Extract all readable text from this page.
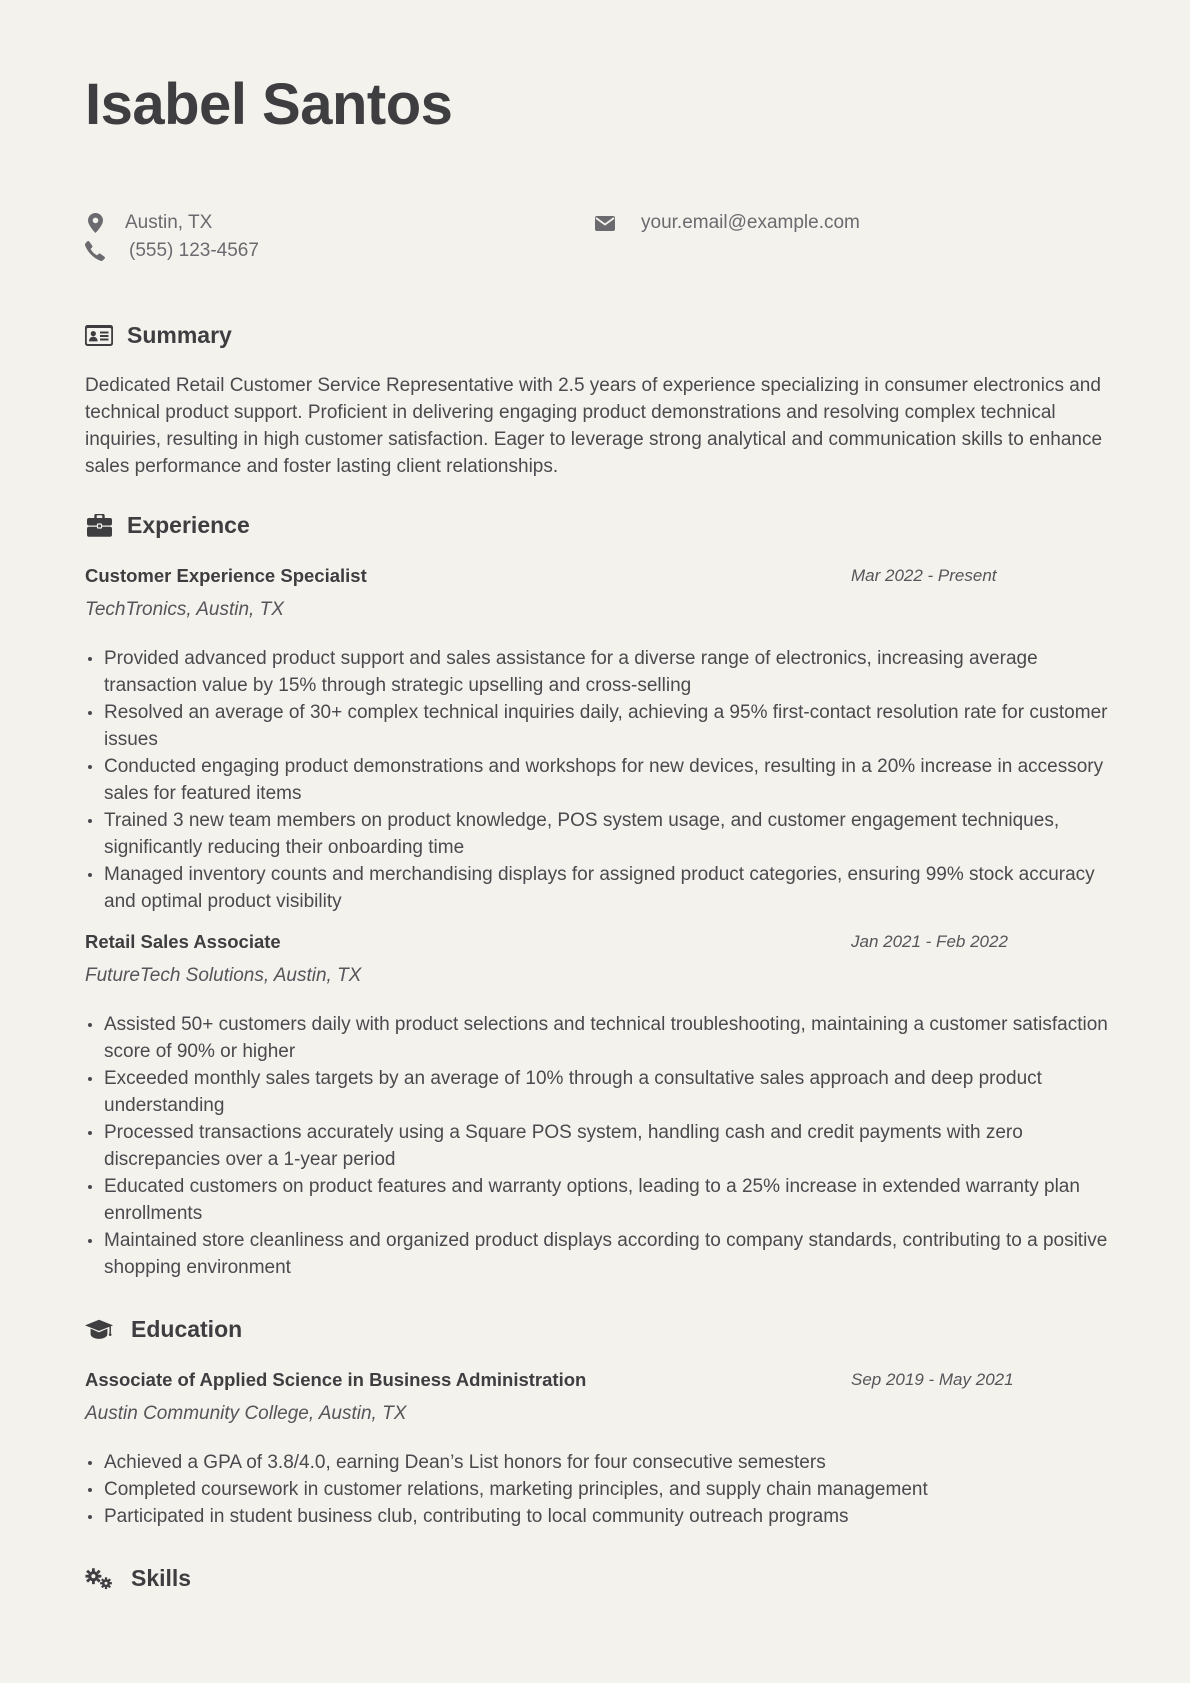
Isabel Santos
Austin, TX	your.email@example.com
(555) 123-4567
Summary

Dedicated Retail Customer Service Representative with 2.5 years of experience specializing in consumer electronics and technical product support. Proficient in delivering engaging product demonstrations and resolving complex technical inquiries, resulting in high customer satisfaction. Eager to leverage strong analytical and communication skills to enhance sales performance and foster lasting client relationships.

Experience
Customer Experience Specialist	Mar 2022 - Present
TechTronics, Austin, TX
Provided advanced product support and sales assistance for a diverse range of electronics, increasing average transaction value by 15% through strategic upselling and cross-selling
Resolved an average of 30+ complex technical inquiries daily, achieving a 95% first-contact resolution rate for customer issues
Conducted engaging product demonstrations and workshops for new devices, resulting in a 20% increase in accessory sales for featured items
Trained 3 new team members on product knowledge, POS system usage, and customer engagement techniques, significantly reducing their onboarding time
Managed inventory counts and merchandising displays for assigned product categories, ensuring 99% stock accuracy and optimal product visibility
Retail Sales Associate	Jan 2021 - Feb 2022
FutureTech Solutions, Austin, TX
Assisted 50+ customers daily with product selections and technical troubleshooting, maintaining a customer satisfaction score of 90% or higher
Exceeded monthly sales targets by an average of 10% through a consultative sales approach and deep product understanding
Processed transactions accurately using a Square POS system, handling cash and credit payments with zero discrepancies over a 1-year period
Educated customers on product features and warranty options, leading to a 25% increase in extended warranty plan enrollments
Maintained store cleanliness and organized product displays according to company standards, contributing to a positive shopping environment
Education
Associate of Applied Science in Business Administration	Sep 2019 - May 2021
Austin Community College, Austin, TX
Achieved a GPA of 3.8/4.0, earning Dean’s List honors for four consecutive semesters
Completed coursework in customer relations, marketing principles, and supply chain management
Participated in student business club, contributing to local community outreach programs
Skills
